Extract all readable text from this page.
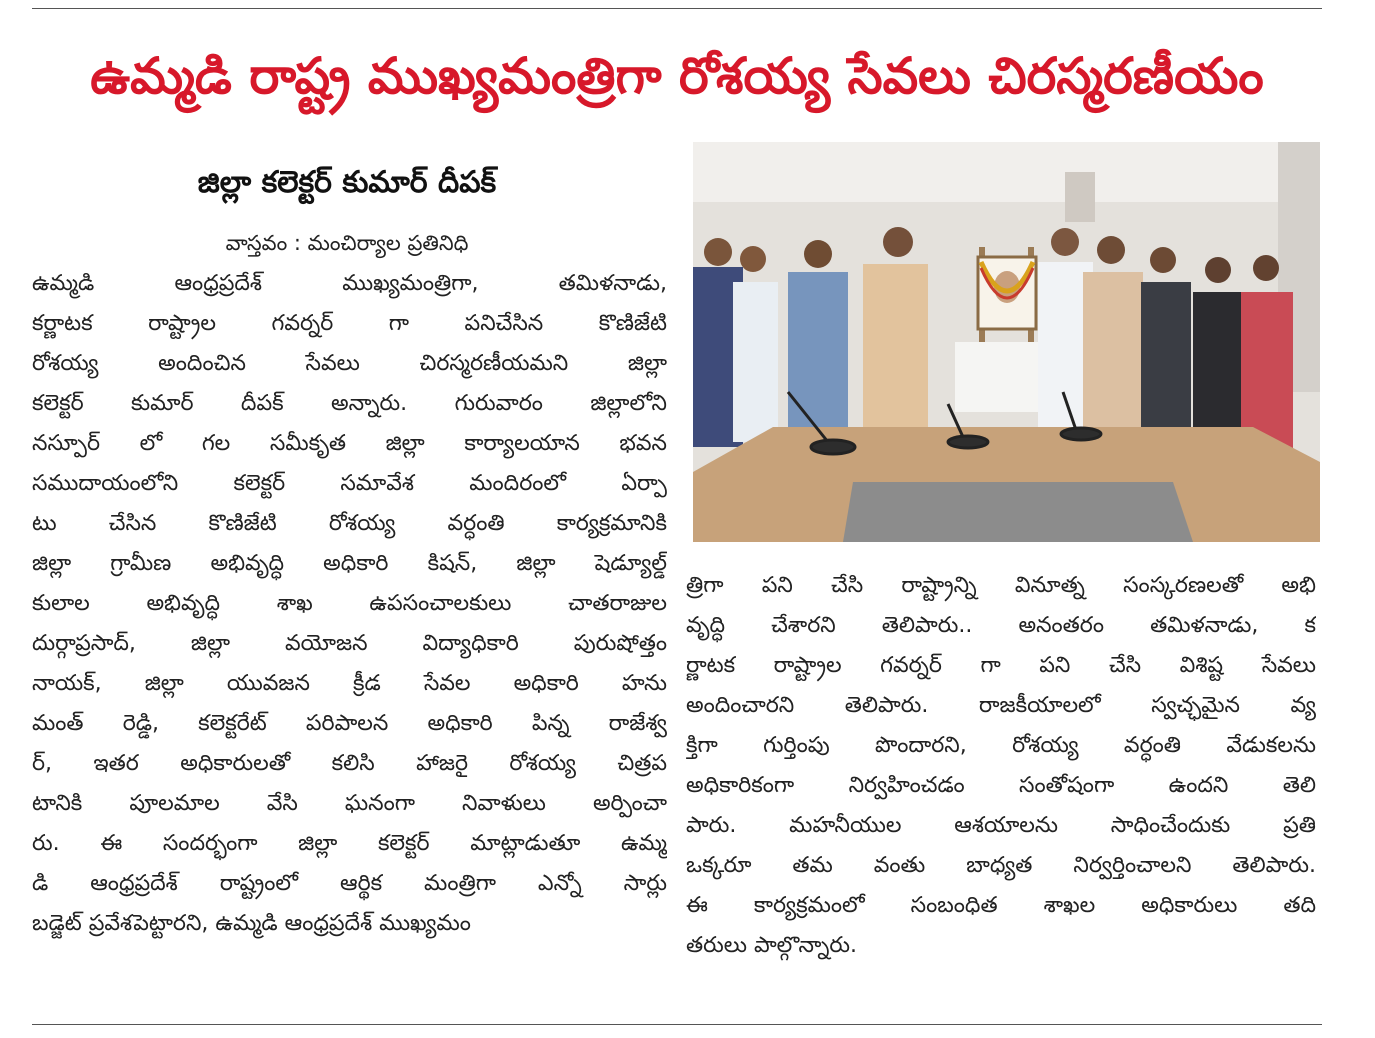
ఉమ్మడి రాష్ట్ర ముఖ్యమంత్రిగా రోశయ్య సేవలు చిరస్మరణీయం
జిల్లా కలెక్టర్ కుమార్ దీపక్
వాస్తవం : మంచిర్యాల ప్రతినిధి
ఉమ్మడి ఆంధ్రప్రదేశ్ ముఖ్యమంత్రిగా, తమిళనాడు,
కర్ణాటక రాష్ట్రాల గవర్నర్ గా పనిచేసిన కొణిజేటి
రోశయ్య అందించిన సేవలు చిరస్మరణీయమని జిల్లా
కలెక్టర్ కుమార్ దీపక్ అన్నారు. గురువారం జిల్లాలోని
నస్పూర్ లో గల సమీకృత జిల్లా కార్యాలయాన భవన
సముదాయంలోని కలెక్టర్ సమావేశ మందిరంలో ఏర్పా
టు చేసిన కొణిజేటి రోశయ్య వర్ధంతి కార్యక్రమానికి
జిల్లా గ్రామీణ అభివృద్ధి అధికారి కిషన్, జిల్లా షెడ్యూల్డ్
కులాల అభివృద్ధి శాఖ ఉపసంచాలకులు చాతరాజుల
దుర్గాప్రసాద్, జిల్లా వయోజన విద్యాధికారి పురుషోత్తం
నాయక్, జిల్లా యువజన క్రీడ సేవల అధికారి హను
మంత్ రెడ్డి, కలెక్టరేట్ పరిపాలన అధికారి పిన్న రాజేశ్వ
ర్, ఇతర అధికారులతో కలిసి హాజరై రోశయ్య చిత్రప
టానికి పూలమాల వేసి ఘనంగా నివాళులు అర్పించా
రు. ఈ సందర్భంగా జిల్లా కలెక్టర్ మాట్లాడుతూ ఉమ్మ
డి ఆంధ్రప్రదేశ్ రాష్ట్రంలో ఆర్థిక మంత్రిగా ఎన్నో సార్లు
బడ్జెట్ ప్రవేశపెట్టారని, ఉమ్మడి ఆంధ్రప్రదేశ్ ముఖ్యమం
త్రిగా పని చేసి రాష్ట్రాన్ని వినూత్న సంస్కరణలతో అభి
వృద్ధి చేశారని తెలిపారు.. అనంతరం తమిళనాడు, క
ర్ణాటక రాష్ట్రాల గవర్నర్ గా పని చేసి విశిష్ట సేవలు
అందించారని తెలిపారు. రాజకీయాలలో స్వచ్ఛమైన వ్య
క్తిగా గుర్తింపు పొందారని, రోశయ్య వర్ధంతి వేడుకలను
అధికారికంగా నిర్వహించడం సంతోషంగా ఉందని తెలి
పారు. మహనీయుల ఆశయాలను సాధించేందుకు ప్రతి
ఒక్కరూ తమ వంతు బాధ్యత నిర్వర్తించాలని తెలిపారు.
ఈ కార్యక్రమంలో సంబంధిత శాఖల అధికారులు తది
తరులు పాల్గొన్నారు.
